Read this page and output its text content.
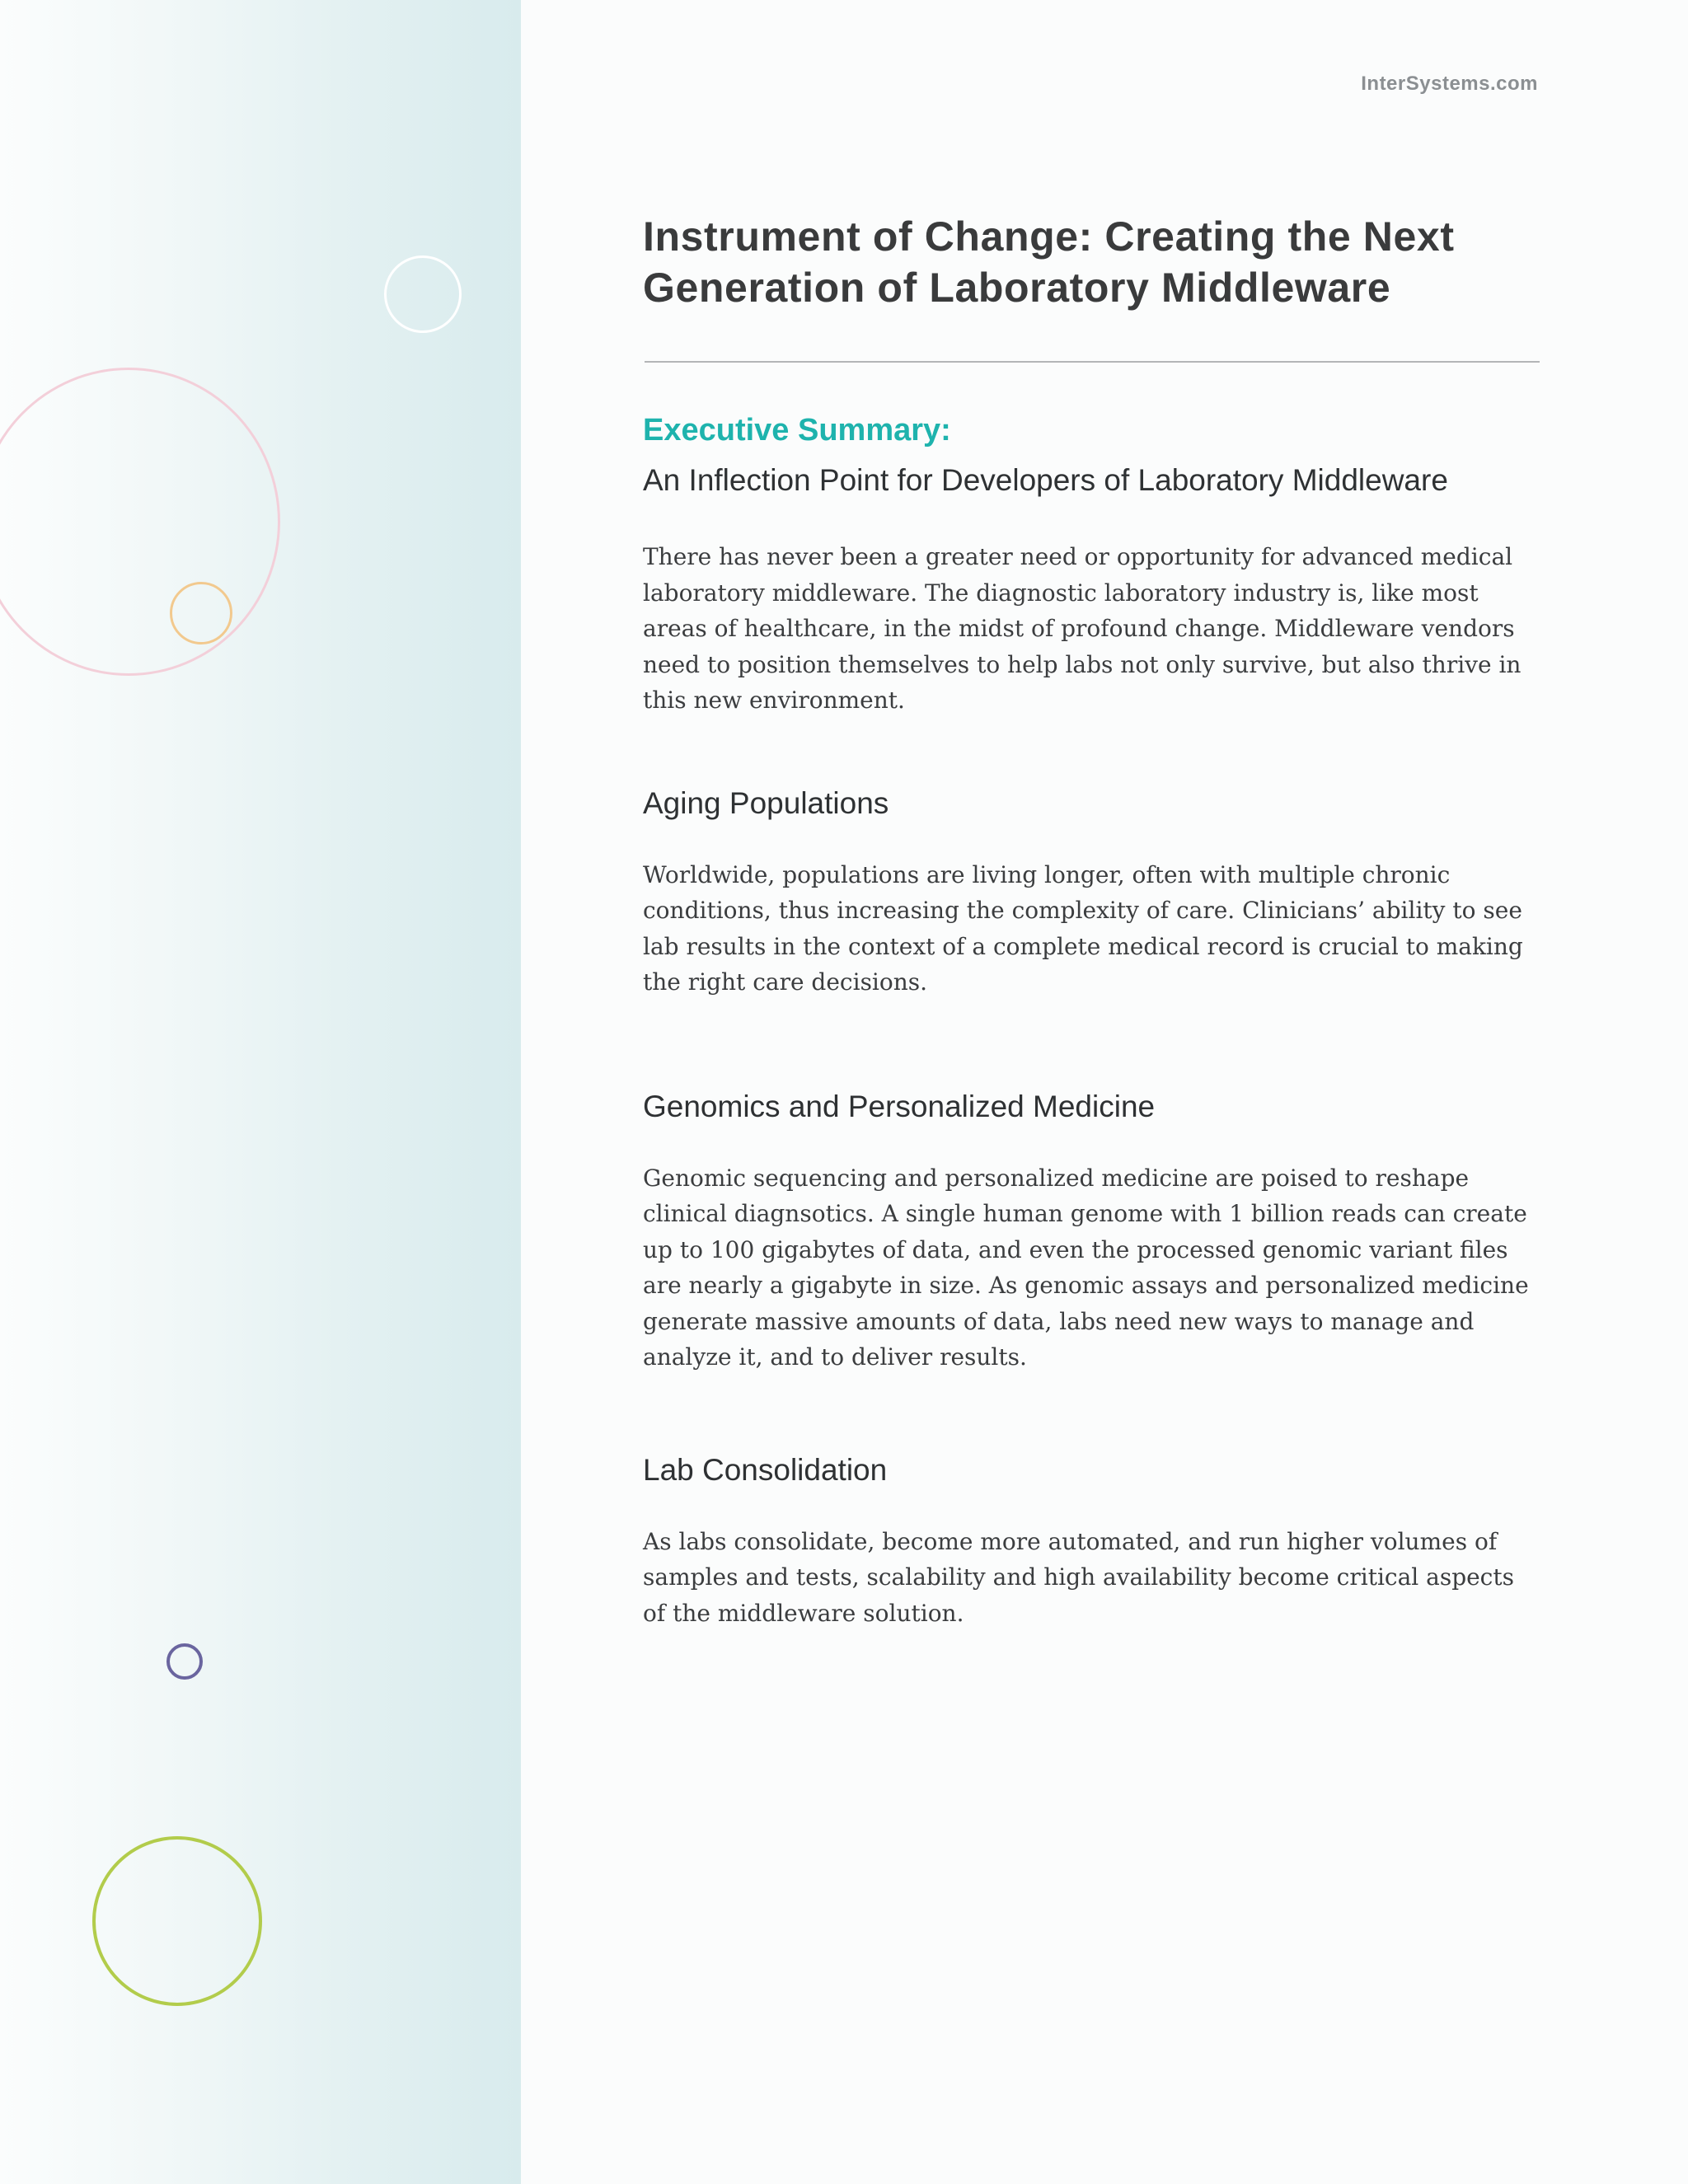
InterSystems.com
Instrument of Change: Creating the Next Generation of Laboratory Middleware
Executive Summary:
An Inflection Point for Developers of Laboratory Middleware

There has never been a greater need or opportunity for advanced medical laboratory middleware. The diagnostic laboratory industry is, like most areas of healthcare, in the midst of profound change. Middleware vendors need to position themselves to help labs not only survive, but also thrive in this new environment.

Aging Populations

Worldwide, populations are living longer, often with multiple chronic conditions, thus increasing the complexity of care. Clinicians’ ability to see lab results in the context of a complete medical record is crucial to making the right care decisions.

Genomics and Personalized Medicine

Genomic sequencing and personalized medicine are poised to reshape clinical diagnsotics. A single human genome with 1 billion reads can create up to 100 gigabytes of data, and even the processed genomic variant files are nearly a gigabyte in size. As genomic assays and personalized medicine generate massive amounts of data, labs need new ways to manage and analyze it, and to deliver results.

Lab Consolidation

As labs consolidate, become more automated, and run higher volumes of samples and tests, scalability and high availability become critical aspects of the middleware solution.
